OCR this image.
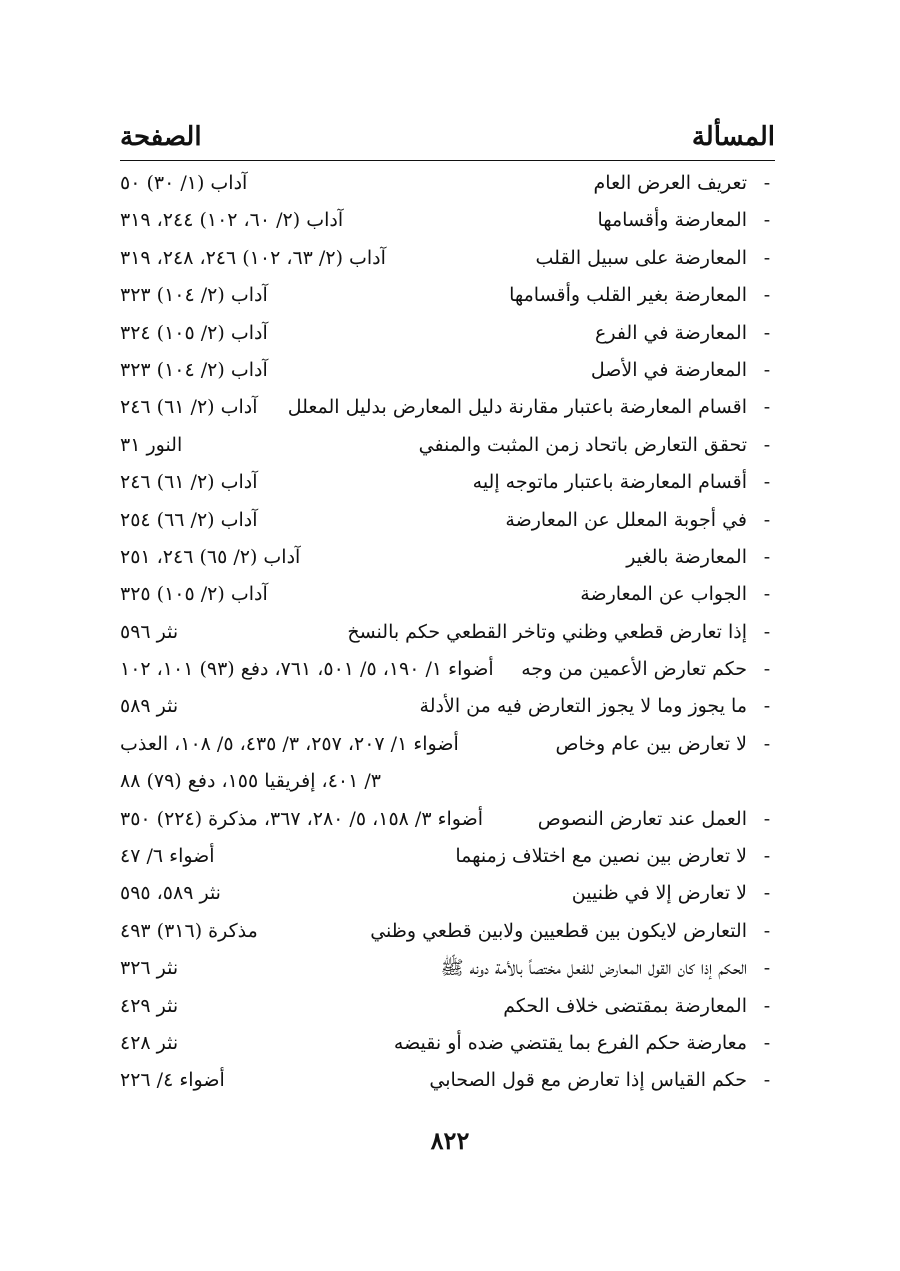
المسألة
الصفحة
-
تعريف العرض العام
آداب (١/ ٣٠) ٥٠
-
المعارضة وأقسامها
آداب (٢/ ٦٠، ١٠٢) ٢٤٤، ٣١٩
-
المعارضة على سبيل القلب
آداب (٢/ ٦٣، ١٠٢) ٢٤٦، ٢٤٨، ٣١٩
-
المعارضة بغير القلب وأقسامها
آداب (٢/ ١٠٤) ٣٢٣
-
المعارضة في الفرع
آداب (٢/ ١٠٥) ٣٢٤
-
المعارضة في الأصل
آداب (٢/ ١٠٤) ٣٢٣
-
اقسام المعارضة باعتبار مقارنة دليل المعارض بدليل المعلل
آداب (٢/ ٦١) ٢٤٦
-
تحقق التعارض باتحاد زمن المثبت والمنفي
النور ٣١
-
أقسام المعارضة باعتبار ماتوجه إليه
آداب (٢/ ٦١) ٢٤٦
-
في أجوبة المعلل عن المعارضة
آداب (٢/ ٦٦) ٢٥٤
-
المعارضة بالغير
آداب (٢/ ٦٥) ٢٤٦، ٢٥١
-
الجواب عن المعارضة
آداب (٢/ ١٠٥) ٣٢٥
-
إذا تعارض قطعي وظني وتاخر القطعي حكم بالنسخ
نثر ٥٩٦
-
حكم تعارض الأعمين من وجه
أضواء ١/ ١٩٠، ٥/ ٥٠١، ٧٦١، دفع (٩٣) ١٠١، ١٠٢
-
ما يجوز وما لا يجوز التعارض فيه من الأدلة
نثر ٥٨٩
-
لا تعارض بين عام وخاص
أضواء ١/ ٢٠٧، ٢٥٧، ٣/ ٤٣٥، ٥/ ١٠٨، العذب
٣/ ٤٠١، إفريقيا ١٥٥، دفع (٧٩) ٨٨
-
العمل عند تعارض النصوص
أضواء ٣/ ١٥٨، ٥/ ٢٨٠، ٣٦٧، مذكرة (٢٢٤) ٣٥٠
-
لا تعارض بين نصين مع اختلاف زمنهما
أضواء ٦/ ٤٧
-
لا تعارض إلا في ظنيين
نثر ٥٨٩، ٥٩٥
-
التعارض لايكون بين قطعيين ولابين قطعي وظني
مذكرة (٣١٦) ٤٩٣
-
الحكم إذا كان القول المعارض للفعل مختصاً بالأمة دونه ﷺ
نثر ٣٢٦
-
المعارضة بمقتضى خلاف الحكم
نثر ٤٢٩
-
معارضة حكم الفرع بما يقتضي ضده أو نقيضه
نثر ٤٢٨
-
حكم القياس إذا تعارض مع قول الصحابي
أضواء ٤/ ٢٢٦
٨٢٢
